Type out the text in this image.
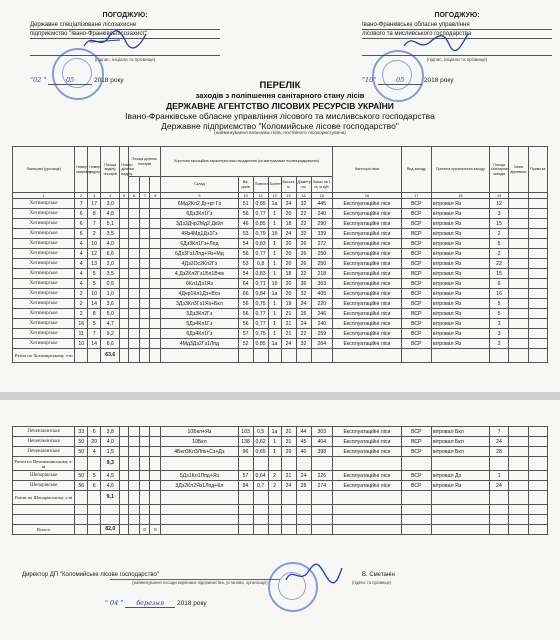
ПОГОДЖУЮ:
Державне спеціалізоване лісозахисне
підприємство "Івано-Франківсьлісозахист"
(підпис, ініціали та прізвище)
"02 "	05	2018 року
ПОГОДЖУЮ:
Івано-Франківське обласне управління
лісового та мисливського господарства
(підпис, ініціали та прізвище)
"10"	05	2018 року
ПЕРЕЛІК
заходів з поліпшення санітарного стану лісів
ДЕРЖАВНЕ АГЕНТСТВО ЛІСОВИХ РЕСУРСІВ УКРАЇНИ
Івано-Франківське обласне управління лісового та мисливського господарства
Державне підприємство "Коломийське лісове господарство"
(найменування власника лісів, постійного лісокористувача)
Лісництво (урочище)	Номер кварталу	Номер виділу	Площа виділу, гектарів	Номер ділянки виділу	Площа ділянки, гектарів			Короткая таксаційна характеристика насадження (за матеріалами лісовпорядкування)							Категорія лісів	Вид заходу	Причина призначення заходу	Площа санітарних заходів	Запас деревини	Примітка
								Склад	Вік, років	Повнота	Бонітет	Висота, м	Діаметр, см	Запас на 1 га, м куб.						
1	2	3	4	5	6	7	8	9	10	11	12	13	14	15	16	17	18	19		
Хотимирське	7	17	3,0					6Мд2Кл2 Дг+рг Гз	51	0,85	1а	24	32	445	Експлуатаційні ліси	ВСР	вітровал Яз	12		
Хотимирське	6	8	4,8					6Дз3Кл1Гз	56	0,77	1	20	22	240	Експлуатаційні ліси	ВСР	вітровал Яз	3		
Хотимирське	6	7	5,1					3Дз3Дчр2Мд2 Дк9я	46	0,85	1	18	22	290	Експлуатаційні ліси	ВСР	вітровал Яз	15		
Хотимирське	6	2	3,5					4Яз4Мд1Дз1Гз	53	0,79	1б	24	32	339	Експлуатаційні ліси	ВСР	вітровал Яз	2		
Хотимирське	4	10	4,0					6Дз3Кл1Гз+Лпд	54	0,83	1	20	26	272	Експлуатаційні ліси	ВСР	вітровал Яз	5		
Хотимирське	4	12	6,6					6Дз3Гз1Лпд+Яз+Мд	56	0,77	1	20	26	250	Експлуатаційні ліси	ВСР	вітровал Яз	2		
Хотимирське	4	13	2,0					4Дз2Ос2Кл2Гз	53	0,8	1	20	26	250	Експлуатаційні ліси	ВСР	вітровал Яз	22		
Хотимирське	4	5	3,5					4.Дз2Кл2Гз1Бп1Вчм	54	0,83	1	18	22	218	Експлуатаційні ліси	ВСР	вітровал Яз	15		
Хотимирське	4	5	0,5					6Кл1Дз1Яз	64	0,71	1б	20	36	363	Експлуатаційні ліси	ВСР	вітровал Яз	6		
Хотимирське	2	10	1,0					4Дчр1Кл1Дз+Всн	66	0,84	1а	20	32	405	Експлуатаційні ліси	ВСР	вітровал Яз	16		
Хотимирське	2	14	3,6					3Дз3Кл3Гз1Яз+Бкл	56	0,75	1	19	24	220	Експлуатаційні ліси	ВСР	вітровал Яз	5		
Хотимирське	2	8	5,0					5Дз3Кл2Гз	56	0,77	1	21	26	246	Експлуатаційні ліси	ВСР	вітровал Яз	5		
Хотимирське	16	5	4,7					5Дз4Кл1Гз	56	0,77	1	21	24	240	Експлуатаційні ліси	ВСР	вітровал Яз	3		
Хотимирське	11	7	9,2					6Дз4Кл1Гз	57	0,75	1	21	22	259	Експлуатаційні ліси	ВСР	вітровал Яз	3		
Хотимирське	10	14	6,6					4Мд3Дз2Гз1Лпд	52	0,85	1а	24	32	264	Експлуатаційні ліси	ВСР	вітровал Яз	2		
Разом по Хотимирському л-ві			63,6																	
Печеніжинське	33	6	3,8					10Бкл+Яз	103	0,5	1а	31	44	303	Експлуатаційні ліси	ВСР	вітровал Бкл	7		
Печеніжинське	50	20	4,0					10Бкл	138	0,62	1	31	45	404	Експлуатаційні ліси	ВСР	вітровал Бкл	24		
Печеніжинське	50	4	1,5					4Бкл3Кл3Лпк+Сз+Дз	96	0,65	1	29	40	398	Експлуатаційні ліси	ВСР	вітровал Бкл	28		
Разом по Печеніжинському л-ві			9,3																	
Шепарівське	50	5	4,5					5Дз1Кл1Лпд+Яз	57	0,64	2	21	24	226	Експлуатаційні ліси	ВСР	вітровал Дз	1		
Шепарівське	56	6	4,6					3Дз2Кл2Яз1Лпд+Кл	84	0,7	2	24	28	274	Експлуатаційні ліси	ВСР	вітровал Яз	24		
Разом по Шепарівському л-ві			9,1																	

Всього			82,0			0	0													
Директор ДП "Коломийське лісове господарство"
(найменування посади керівника підприємства, установи, організації)
В. Смєтанін
(підпис та прізвище)
" 04 " березня 2018 року
